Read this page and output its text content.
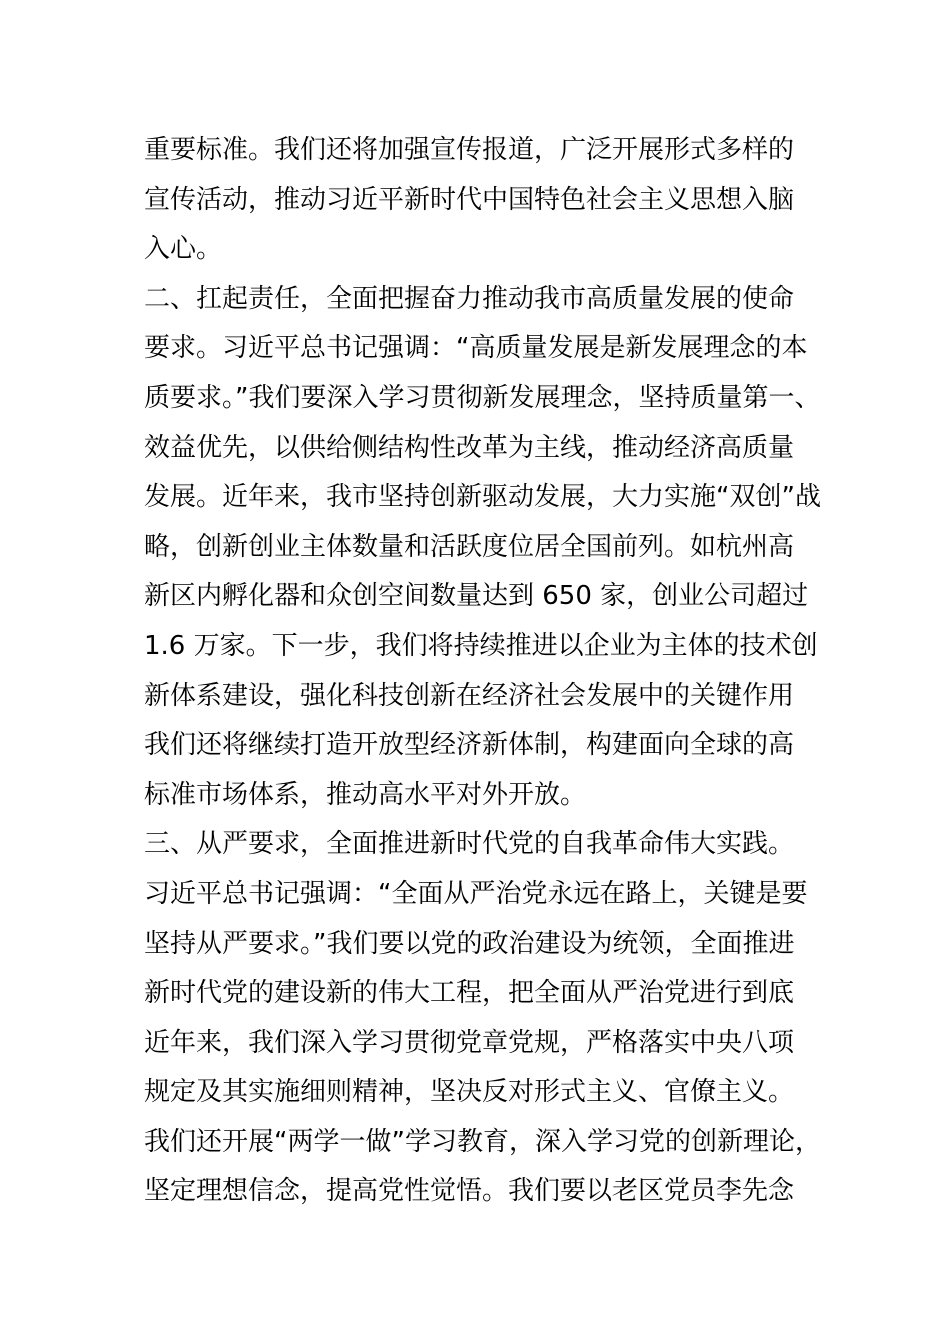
重要标准。我们还将加强宣传报道，广泛开展形式多样的
宣传活动，推动习近平新时代中国特色社会主义思想入脑
入心。
二、扛起责任，全面把握奋力推动我市高质量发展的使命
要求。习近平总书记强调：“高质量发展是新发展理念的本
质要求。”我们要深入学习贯彻新发展理念，坚持质量第一、
效益优先，以供给侧结构性改革为主线，推动经济高质量
发展。近年来，我市坚持创新驱动发展，大力实施“双创”战
略，创新创业主体数量和活跃度位居全国前列。如杭州高
新区内孵化器和众创空间数量达到 650 家，创业公司超过
1.6 万家。下一步，我们将持续推进以企业为主体的技术创
新体系建设，强化科技创新在经济社会发展中的关键作用
我们还将继续打造开放型经济新体制，构建面向全球的高
标准市场体系，推动高水平对外开放。
三、从严要求，全面推进新时代党的自我革命伟大实践。
习近平总书记强调：“全面从严治党永远在路上，关键是要
坚持从严要求。”我们要以党的政治建设为统领，全面推进
新时代党的建设新的伟大工程，把全面从严治党进行到底
近年来，我们深入学习贯彻党章党规，严格落实中央八项
规定及其实施细则精神，坚决反对形式主义、官僚主义。
我们还开展“两学一做”学习教育，深入学习党的创新理论，
坚定理想信念，提高党性觉悟。我们要以老区党员李先念
